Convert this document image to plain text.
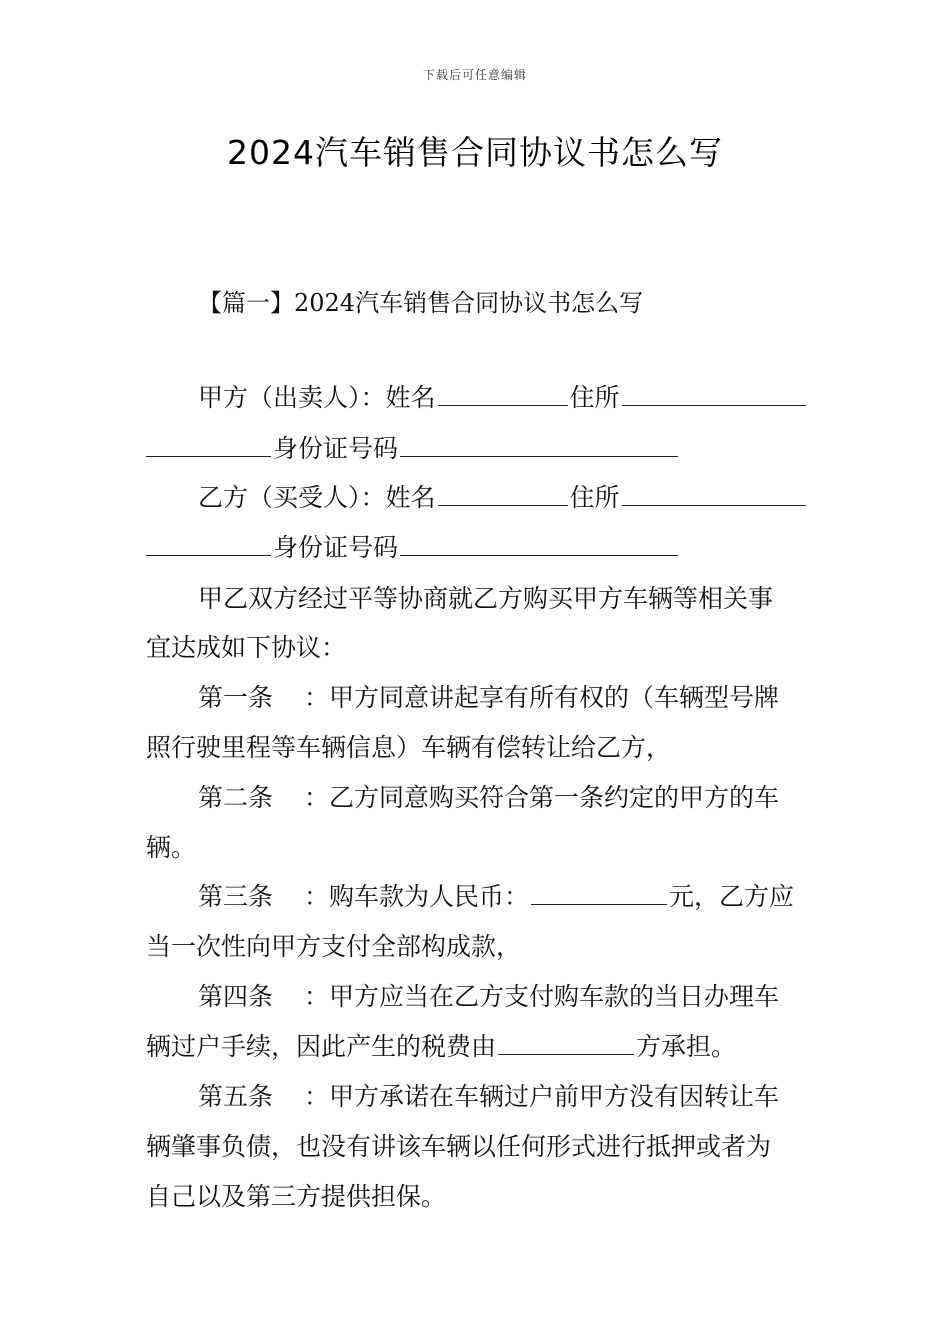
下载后可任意编辑
2024汽车销售合同协议书怎么写
【篇一】2024汽车销售合同协议书怎么写
甲方（出卖人）：姓名	住所
身份证号码
乙方（买受人）：姓名	住所
身份证号码
甲乙双方经过平等协商就乙方购买甲方车辆等相关事
宜达成如下协议：
第一条	：甲方同意讲起享有所有权的（车辆型号牌
照行驶里程等车辆信息）车辆有偿转让给乙方，
第二条	：乙方同意购买符合第一条约定的甲方的车
辆。
第三条	：购车款为人民币：	元，乙方应
当一次性向甲方支付全部构成款，
第四条	：甲方应当在乙方支付购车款的当日办理车
辆过户手续，因此产生的税费由	方承担。
第五条	：甲方承诺在车辆过户前甲方没有因转让车
辆肇事负债，也没有讲该车辆以任何形式进行抵押或者为
自己以及第三方提供担保。
